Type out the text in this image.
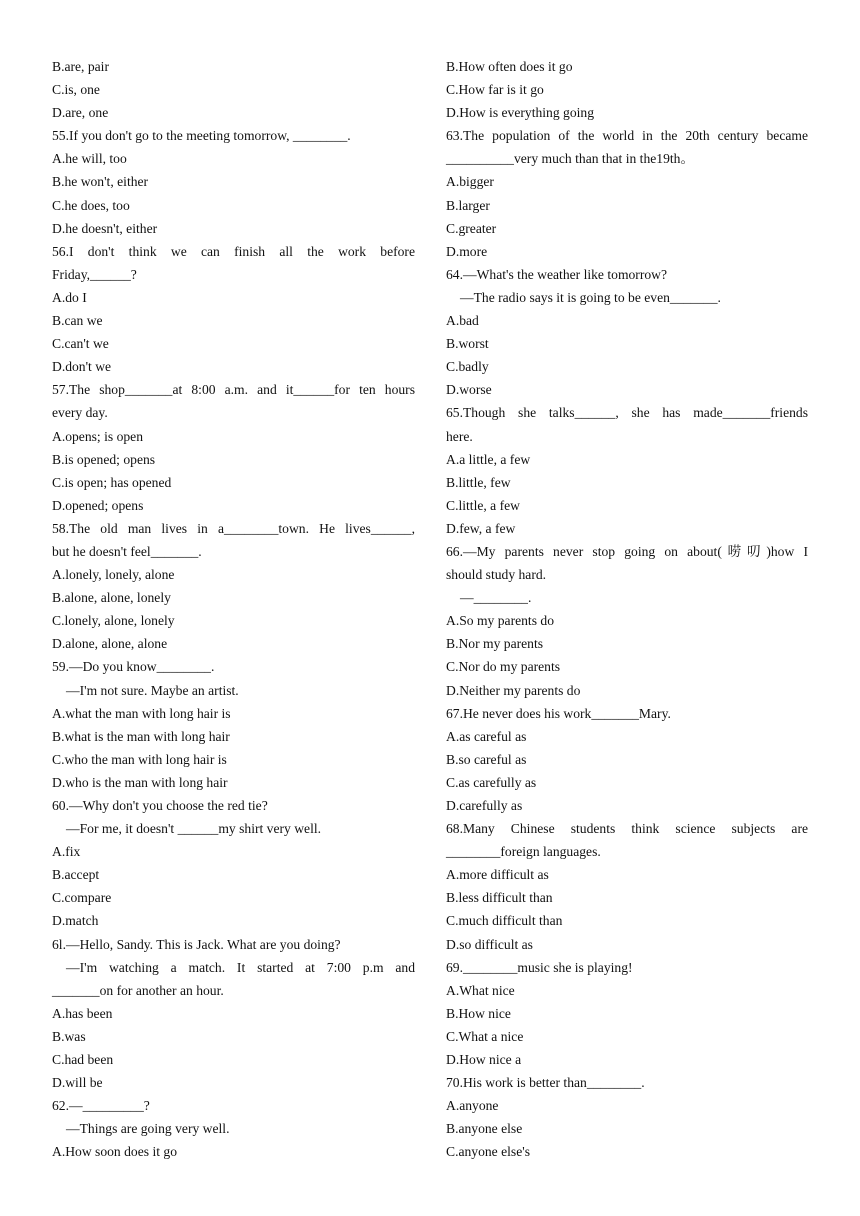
B.are, pair
C.is, one
D.are, one
55.If you don't go to the meeting tomorrow, ________.
A.he will, too
B.he won't, either
C.he does, too
D.he doesn't, either
56.I don't think we can finish all the work before
Friday,______?
A.do I
B.can we
C.can't we
D.don't we
57.The shop_______at 8:00 a.m. and it______for ten hours
every day.
A.opens; is open
B.is opened; opens
C.is open; has opened
D.opened; opens
58.The old man lives in a________town. He lives______,
but he doesn't feel_______.
A.lonely, lonely, alone
B.alone, alone, lonely
C.lonely, alone, lonely
D.alone, alone, alone
59.—Do you know________.
—I'm not sure. Maybe an artist.
A.what the man with long hair is
B.what is the man with long hair
C.who the man with long hair is
D.who is the man with long hair
60.—Why don't you choose the red tie?
—For me, it doesn't ______my shirt very well.
A.fix
B.accept
C.compare
D.match
6l.—Hello, Sandy. This is Jack. What are you doing?
—I'm watching a match. It started at 7:00 p.m and
_______on for another an hour.
A.has been
B.was
C.had been
D.will be
62.—_________?
—Things are going very well.
A.How soon does it go
B.How often does it go
C.How far is it go
D.How is everything going
63.The population of the world in the 20th century became
__________very much than that in the19th。
A.bigger
B.larger
C.greater
D.more
64.—What's the weather like tomorrow?
—The radio says it is going to be even_______.
A.bad
B.worst
C.badly
D.worse
65.Though she talks______, she has made_______friends
here.
A.a little, a few
B.little, few
C.little, a few
D.few, a few
66.—My parents never stop going on about(唠叨)how I
should study hard.
—________.
A.So my parents do
B.Nor my parents
C.Nor do my parents
D.Neither my parents do
67.He never does his work_______Mary.
A.as careful as
B.so careful as
C.as carefully as
D.carefully as
68.Many Chinese students think science subjects are
________foreign languages.
A.more difficult as
B.less difficult than
C.much difficult than
D.so difficult as
69.________music she is playing!
A.What nice
B.How nice
C.What a nice
D.How nice a
70.His work is better than________.
A.anyone
B.anyone else
C.anyone else's
